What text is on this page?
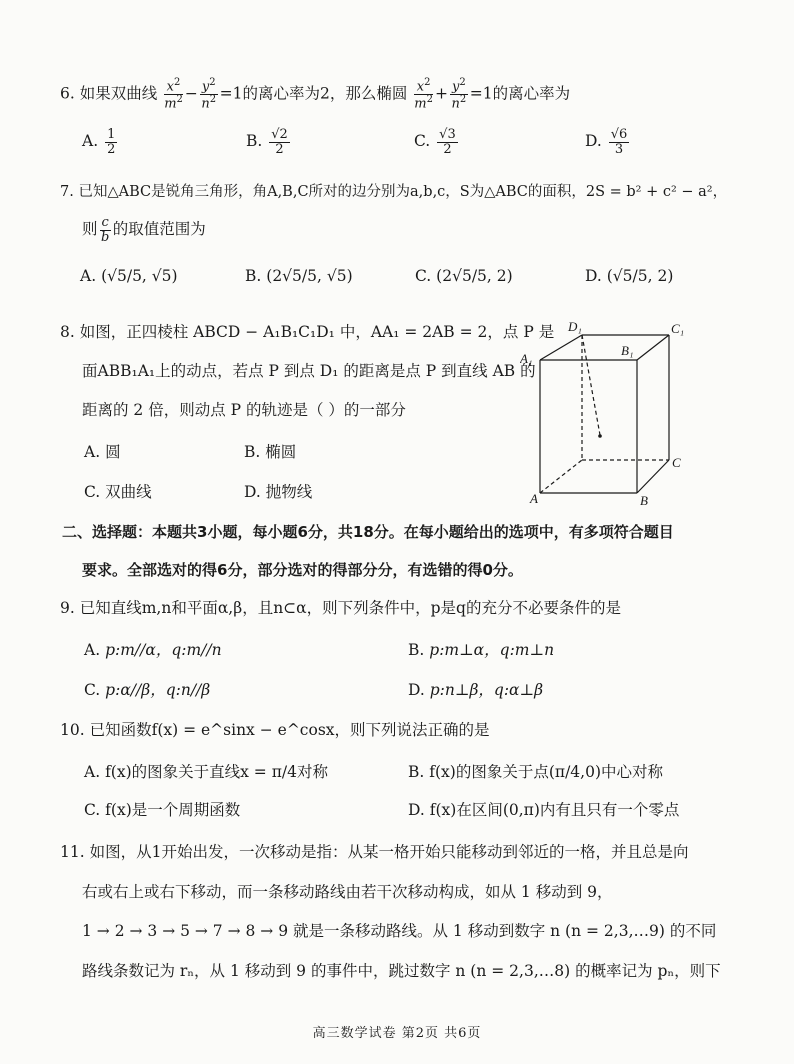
6. 如果双曲线 $\frac{x^2}{m^2} - \frac{y^2}{n^2} =1$的离心率为2，那么椭圆 $\frac{x^2}{m^2} + \frac{y^2}{n^2} =1$的离心率为
A. $\frac{1}{2}$	B. $\frac{√2}{2}$	C. $\frac{√3}{2}$	D. $\frac{√6}{3}$
7. 已知△ABC是锐角三角形，角A,B,C所对的边分别为a,b,c，S为△ABC的面积，2S = b² + c² − a²，
则 $\frac{c}{b}$ 的取值范围为
A. (√5/5, √5)	B. (2√5/5, √5)	C. (2√5/5, 2)	D. (√5/5, 2)
8. 如图，正四棱柱 ABCD − A₁B₁C₁D₁ 中，AA₁ = 2AB = 2，点 P 是
面ABB₁A₁上的动点，若点 P 到点 D₁ 的距离是点 P 到直线 AB 的
距离的 2 倍，则动点 P 的轨迹是（ ）的一部分
A. 圆	B. 椭圆
C. 双曲线	D. 抛物线
D₁	C₁
A₁
B₁
C
A	B
二、选择题：本题共3小题，每小题6分，共18分。在每小题给出的选项中，有多项符合题目
要求。全部选对的得6分，部分选对的得部分分，有选错的得0分。
9. 已知直线m,n和平面α,β，且n⊂α，则下列条件中，p是q的充分不必要条件的是
A. p:m//α，q:m//n	B. p:m⊥α，q:m⊥n
C. p:α//β，q:n//β	D. p:n⊥β，q:α⊥β
10. 已知函数f(x) = e^sinx − e^cosx，则下列说法正确的是
A. f(x)的图象关于直线x = π/4对称	B. f(x)的图象关于点(π/4,0)中心对称
C. f(x)是一个周期函数	D. f(x)在区间(0,π)内有且只有一个零点
11. 如图，从1开始出发，一次移动是指：从某一格开始只能移动到邻近的一格，并且总是向
右或右上或右下移动，而一条移动路线由若干次移动构成，如从 1 移动到 9，
1 → 2 → 3 → 5 → 7 → 8 → 9 就是一条移动路线。从 1 移动到数字 n (n = 2,3,…9) 的不同
路线条数记为 rₙ，从 1 移动到 9 的事件中，跳过数字 n (n = 2,3,…8) 的概率记为 pₙ，则下
高三数学试卷 第2页 共6页
